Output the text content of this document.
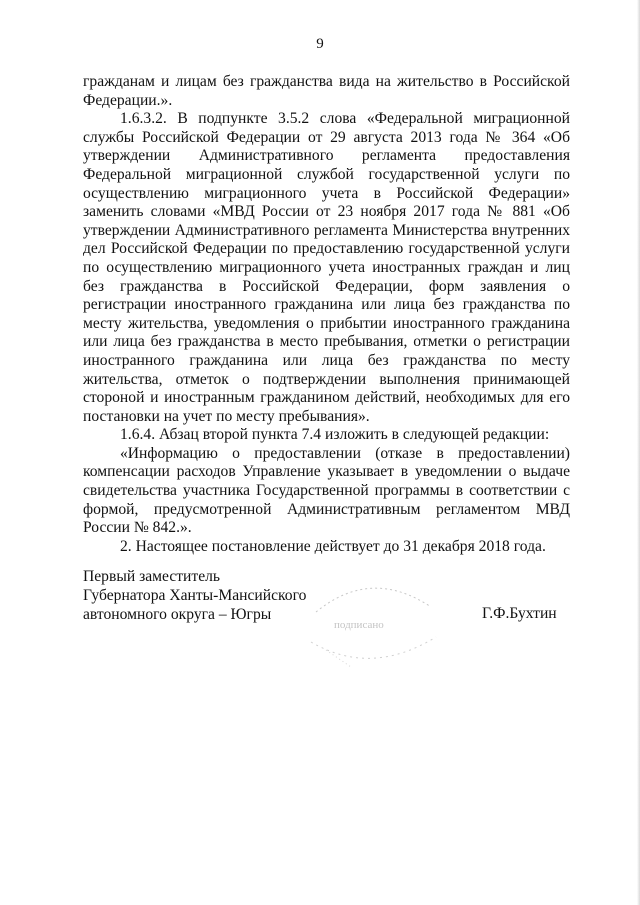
9

гражданам и лицам без гражданства вида на жительство в Российской Федерации.».

1.6.3.2. В подпункте 3.5.2 слова «Федеральной миграционной службы Российской Федерации от 29 августа 2013 года № 364 «Об утверждении Административного регламента предоставления Федеральной миграционной службой государственной услуги по осуществлению миграционного учета в Российской Федерации» заменить словами «МВД России от 23 ноября 2017 года № 881 «Об утверждении Административного регламента Министерства внутренних дел Российской Федерации по предоставлению государственной услуги по осуществлению миграционного учета иностранных граждан и лиц без гражданства в Российской Федерации, форм заявления о регистрации иностранного гражданина или лица без гражданства по месту жительства, уведомления о прибытии иностранного гражданина или лица без гражданства в место пребывания, отметки о регистрации иностранного гражданина или лица без гражданства по месту жительства, отметок о подтверждении выполнения принимающей стороной и иностранным гражданином действий, необходимых для его постановки на учет по месту пребывания».

1.6.4. Абзац второй пункта 7.4 изложить в следующей редакции:

«Информацию о предоставлении (отказе в предоставлении) компенсации расходов Управление указывает в уведомлении о выдаче свидетельства участника Государственной программы в соответствии с формой, предусмотренной Административным регламентом МВД России № 842.».

2. Настоящее постановление действует до 31 декабря 2018 года.

Первый заместитель
Губернатора Ханты-Мансийского
автономного округа – Югры
подписано
Г.Ф.Бухтин
